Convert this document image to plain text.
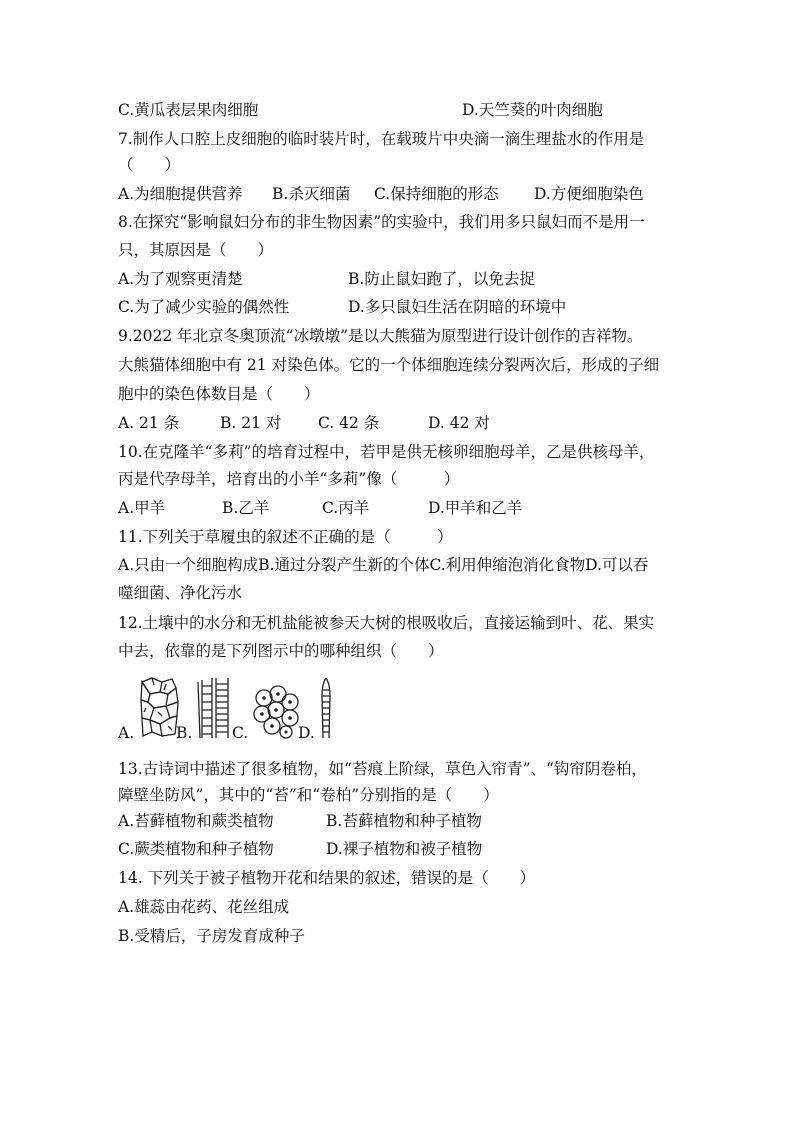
C.黄瓜表层果肉细胞	D.天竺葵的叶肉细胞
7.制作人口腔上皮细胞的临时装片时，在载玻片中央滴一滴生理盐水的作用是
（　　）
A.为细胞提供营养 B.杀灭细菌 C.保持细胞的形态 D.方便细胞染色
8.在探究“影响鼠妇分布的非生物因素”的实验中，我们用多只鼠妇而不是用一
只，其原因是（　　）
A.为了观察更清楚	B.防止鼠妇跑了，以免去捉
C.为了减少实验的偶然性	D.多只鼠妇生活在阴暗的环境中
9.2022 年北京冬奥顶流“冰墩墩”是以大熊猫为原型进行设计创作的吉祥物。
大熊猫体细胞中有 21 对染色体。它的一个体细胞连续分裂两次后，形成的子细
胞中的染色体数目是（　　）
A. 21 条	B. 21 对 C. 42 条	D. 42 对
10.在克隆羊“多莉”的培育过程中，若甲是供无核卵细胞母羊，乙是供核母羊，
丙是代孕母羊，培育出的小羊“多莉”像（　　　）
A.甲羊	B.乙羊	C.丙羊	D.甲羊和乙羊
11.下列关于草履虫的叙述不正确的是（　　　）
A.只由一个细胞构成B.通过分裂产生新的个体C.利用伸缩泡消化食物D.可以吞
噬细菌、净化污水
12.土壤中的水分和无机盐能被参天大树的根吸收后，直接运输到叶、花、果实
中去，依靠的是下列图示中的哪种组织（　　）
A.	B.	C.	D.
13.古诗词中描述了很多植物，如“苔痕上阶绿，草色入帘青”、“钩帘阴卷柏，
障壁坐防风”，其中的“苔”和“卷柏”分别指的是（　　）
A.苔藓植物和蕨类植物	B.苔藓植物和种子植物
C.蕨类植物和种子植物	D.裸子植物和被子植物
14. 下列关于被子植物开花和结果的叙述，错误的是（　　）
A.雄蕊由花药、花丝组成
B.受精后，子房发育成种子
